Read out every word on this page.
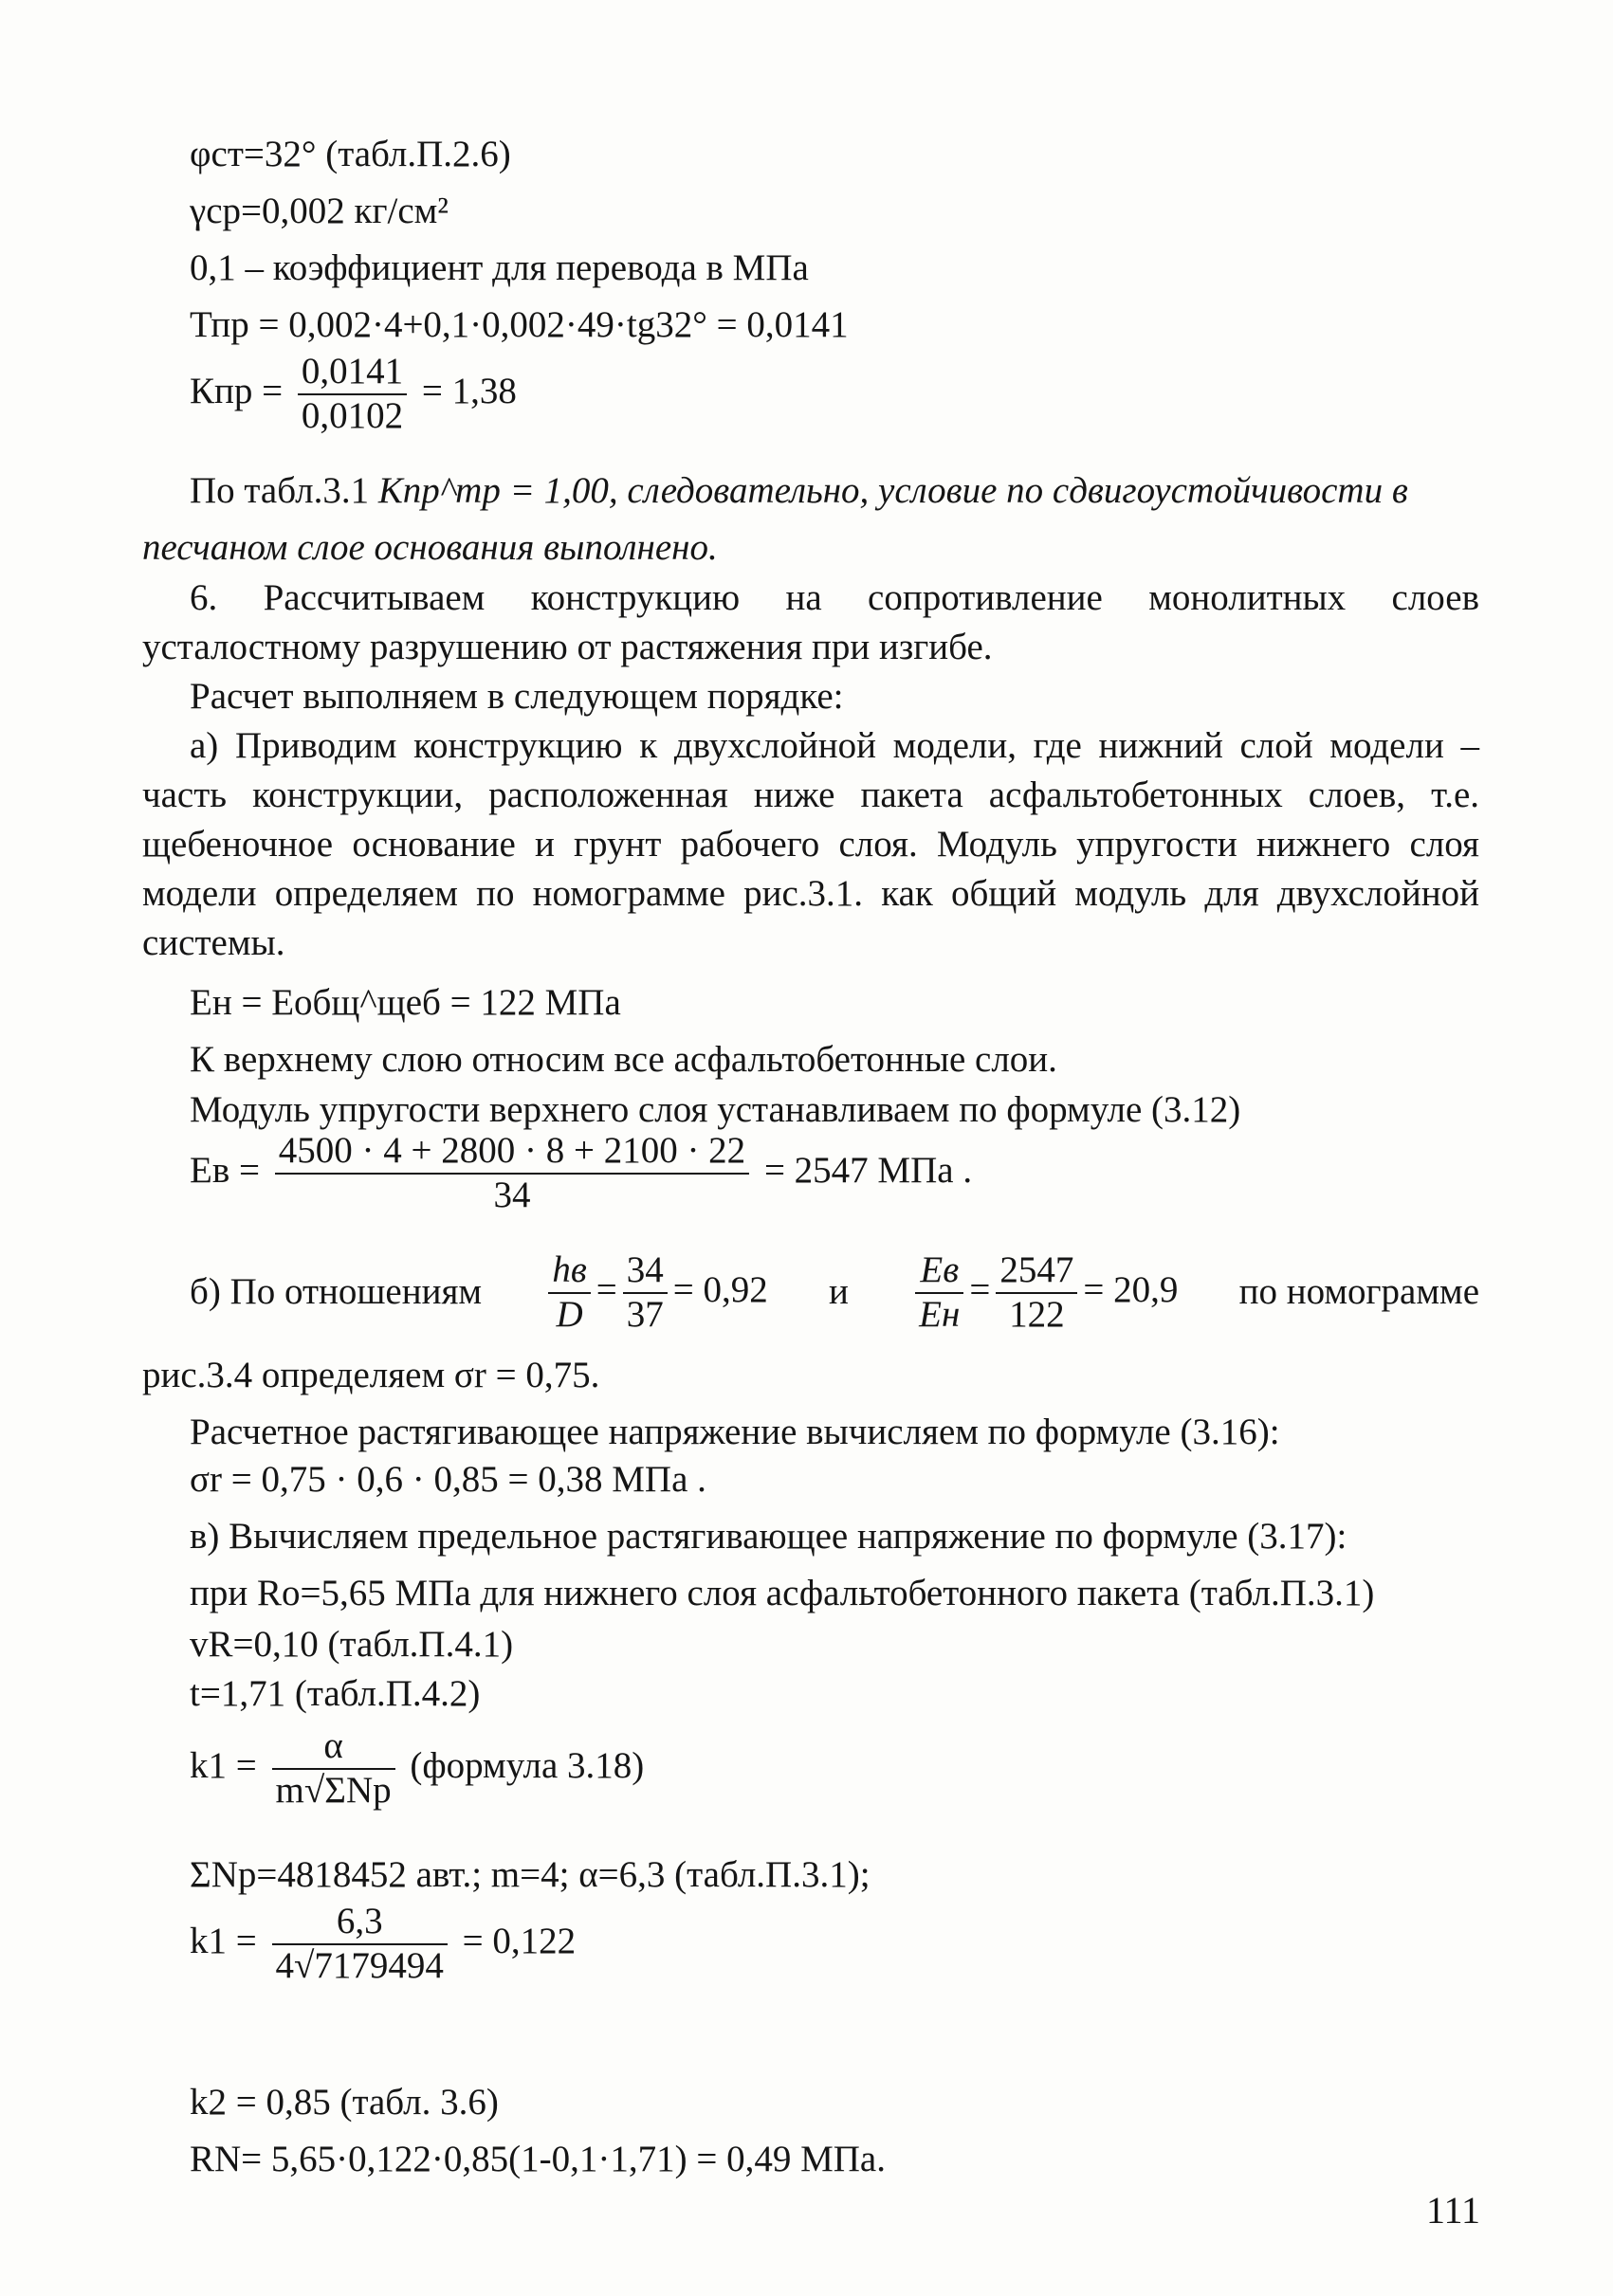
φст=32° (табл.П.2.6)
γср=0,002 кг/см²
0,1 – коэффициент для перевода в МПа
Тпр = 0,002·4+0,1·0,002·49·tg32° = 0,0141
Кпр = $\frac{0,0141}{0,0102} = 1,38$
По табл.3.1 Кпр^тр = 1,00, следовательно, условие по сдвигоустойчивости в
песчаном слое основания выполнено.
6. Рассчитываем конструкцию на сопротивление монолитных слоев
усталостному разрушению от растяжения при изгибе.
Расчет выполняем в следующем порядке:
а) Приводим конструкцию к двухслойной модели, где нижний слой модели –
часть конструкции, расположенная ниже пакета асфальтобетонных слоев, т.е.
щебеночное основание и грунт рабочего слоя. Модуль упругости нижнего слоя
модели определяем по номограмме рис.3.1. как общий модуль для двухслойной
системы.
Ен = Еобщ^щеб = 122 МПа
К верхнему слою относим все асфальтобетонные слои.
Модуль упругости верхнего слоя устанавливаем по формуле (3.12)
Ев = $\frac{4500 \cdot 4 + 2800 \cdot 8 + 2100 \cdot 22}{34} = 2547$ МПа .
б) По отношениям $\frac{hв}{D} = \frac{34}{37} = 0,92$ и $\frac{Ев}{Ен} = \frac{2547}{122} = 20,9$ по номограмме
рис.3.4 определяем σr = 0,75.
Расчетное растягивающее напряжение вычисляем по формуле (3.16):
σr = 0,75 · 0,6 · 0,85 = 0,38 МПа .
в) Вычисляем предельное растягивающее напряжение по формуле (3.17):
при Ro=5,65 МПа для нижнего слоя асфальтобетонного пакета (табл.П.3.1)
vR=0,10 (табл.П.4.1)
t=1,71 (табл.П.4.2)
$k1 = \frac{\alpha}{\text{m√ΣNp}}$ (формула 3.18)
ΣNp=4818452 авт.; m=4; α=6,3 (табл.П.3.1);
$k1 = \frac{6,3}{4√7179494} = 0,122$
k2 = 0,85 (табл. 3.6)
RN= 5,65·0,122·0,85(1-0,1·1,71) = 0,49 МПа.
111
